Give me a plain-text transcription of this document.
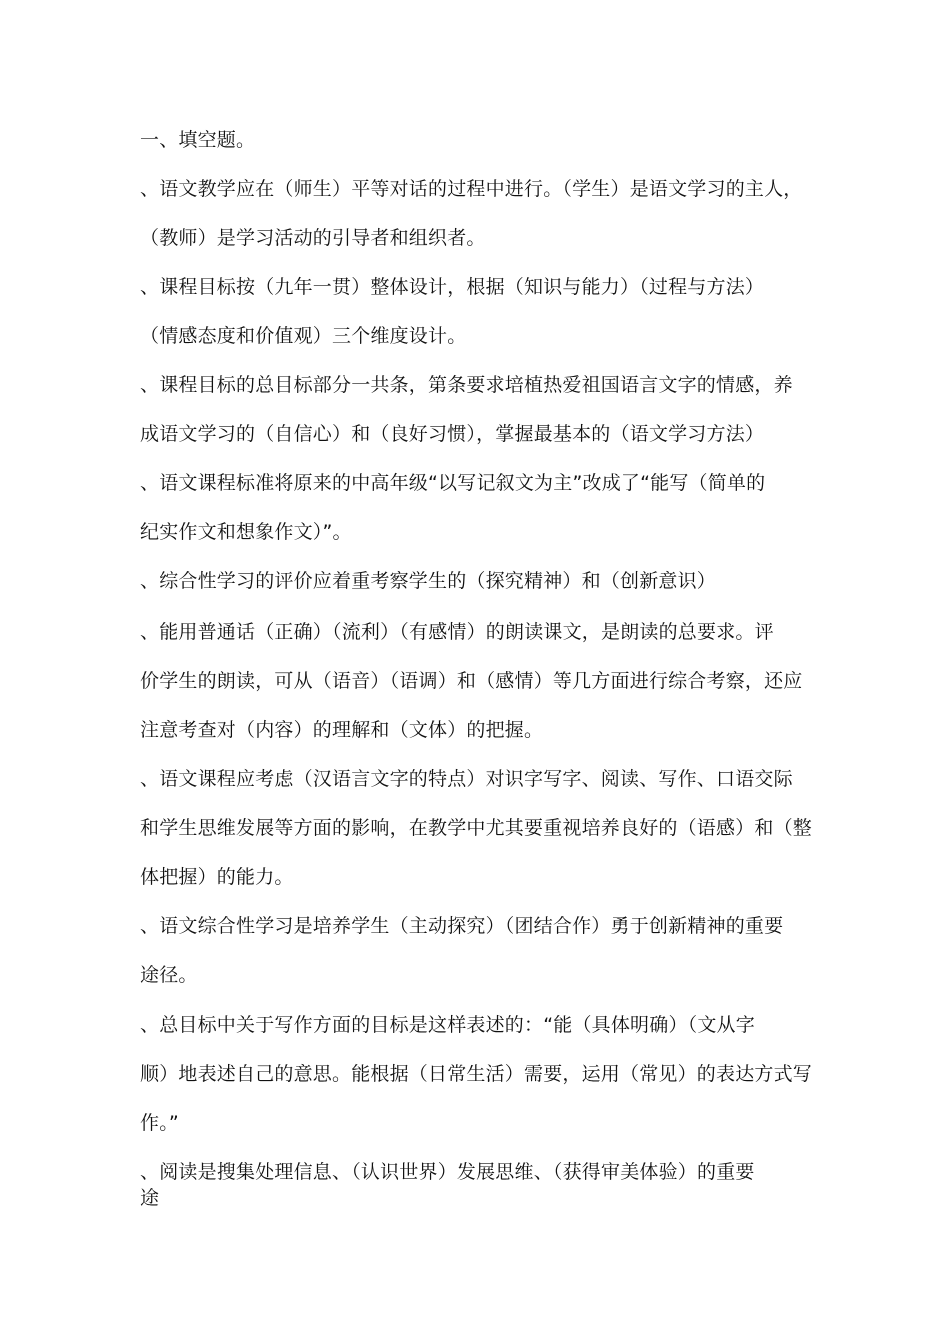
一、填空题。
、语文教学应在（师生）平等对话的过程中进行。（学生）是语文学习的主人，
（教师）是学习活动的引导者和组织者。
、课程目标按（九年一贯）整体设计，根据（知识与能力）（过程与方法）
（情感态度和价值观）三个维度设计。
、课程目标的总目标部分一共条，第条要求培植热爱祖国语言文字的情感，养
成语文学习的（自信心）和（良好习惯），掌握最基本的（语文学习方法）
、语文课程标准将原来的中高年级“以写记叙文为主”改成了“能写（简单的
纪实作文和想象作文）”。
、综合性学习的评价应着重考察学生的（探究精神）和（创新意识）
、能用普通话（正确）（流利）（有感情）的朗读课文，是朗读的总要求。评
价学生的朗读，可从（语音）（语调）和（感情）等几方面进行综合考察，还应
注意考查对（内容）的理解和（文体）的把握。
、语文课程应考虑（汉语言文字的特点）对识字写字、阅读、写作、口语交际
和学生思维发展等方面的影响，在教学中尤其要重视培养良好的（语感）和（整
体把握）的能力。
、语文综合性学习是培养学生（主动探究）（团结合作）勇于创新精神的重要
途径。
、总目标中关于写作方面的目标是这样表述的：“能（具体明确）（文从字
顺）地表述自己的意思。能根据（日常生活）需要，运用（常见）的表达方式写
作。”
、阅读是搜集处理信息、（认识世界）发展思维、（获得审美体验）的重要
途
